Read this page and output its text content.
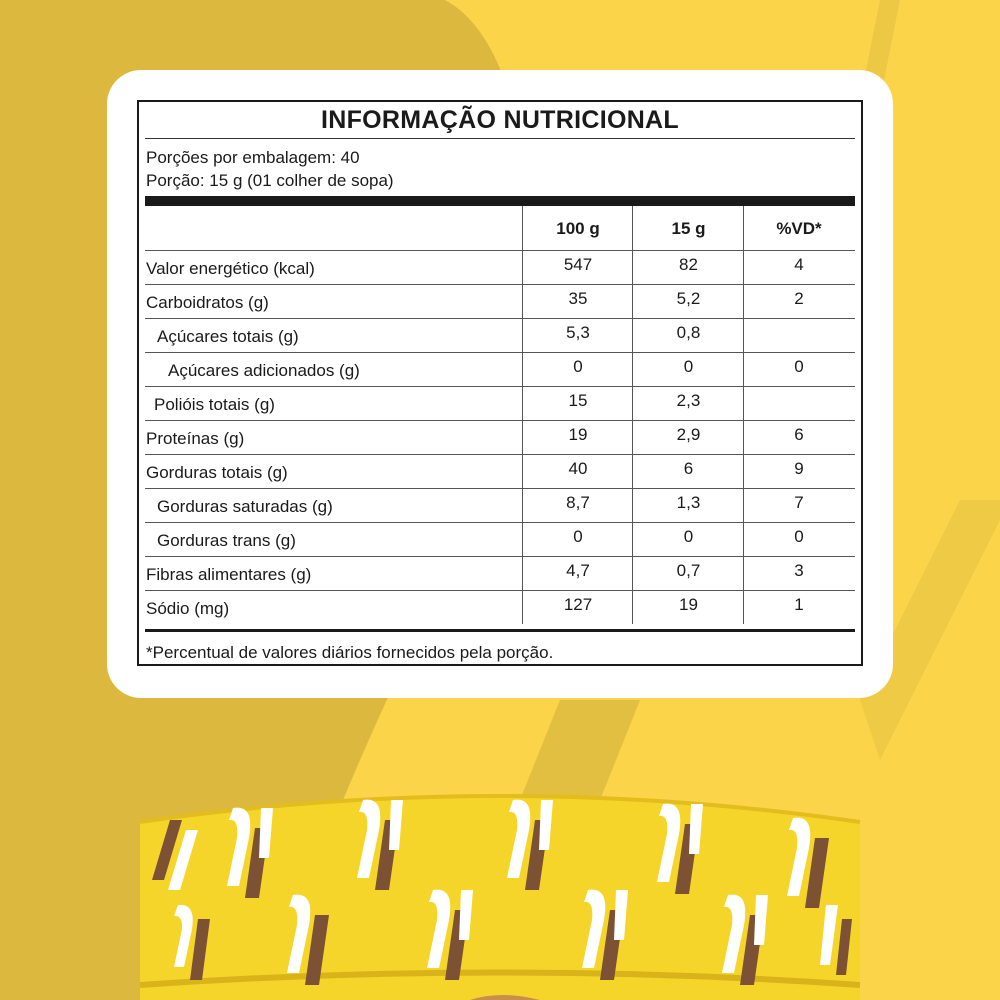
INFORMAÇÃO NUTRICIONAL
Porções por embalagem: 40
Porção: 15 g (01 colher de sopa)
100 g	15 g	%VD*
Valor energético (kcal)	547	82	4
Carboidratos (g)	35	5,2	2
Açúcares totais (g)	5,3	0,8
Açúcares adicionados (g)	0	0	0
Polióis totais (g)	15	2,3
Proteínas (g)	19	2,9	6
Gorduras totais (g)	40	6	9
Gorduras saturadas (g)	8,7	1,3	7
Gorduras trans (g)	0	0	0
Fibras alimentares (g)	4,7	0,7	3
Sódio (mg)	127	19	1
*Percentual de valores diários fornecidos pela porção.
